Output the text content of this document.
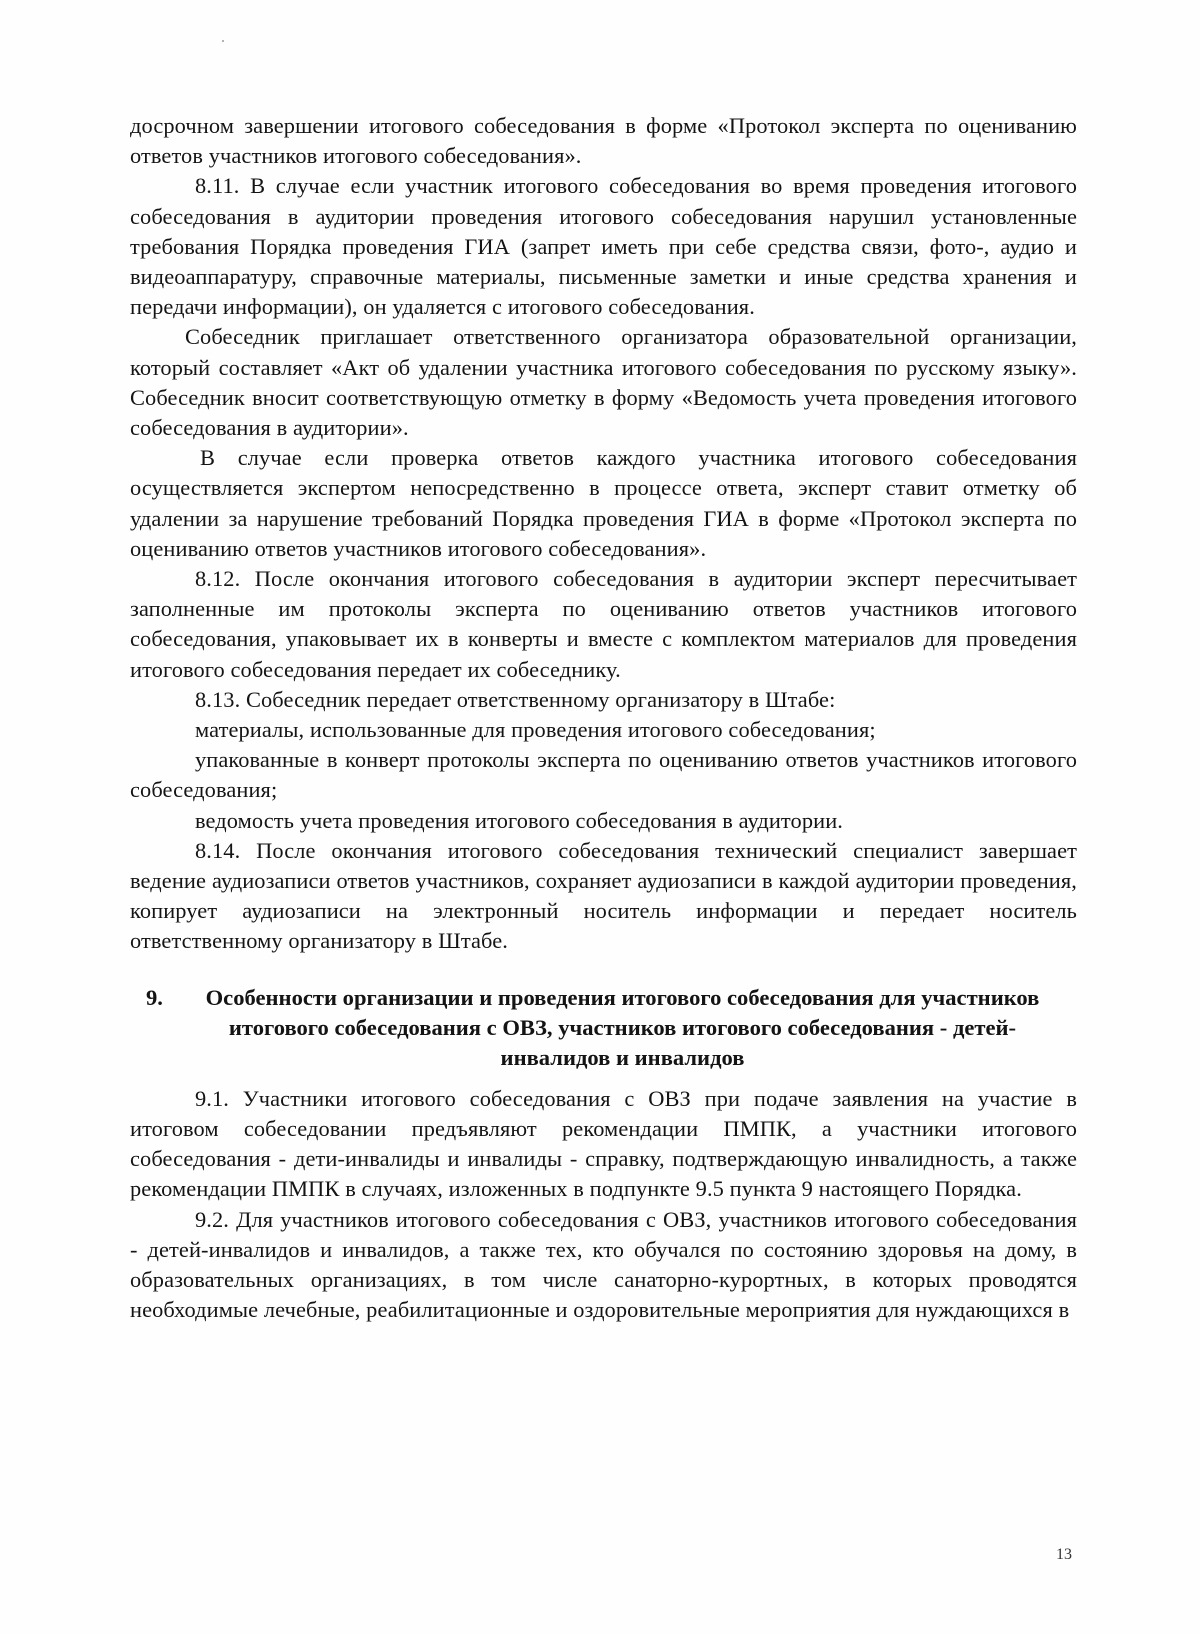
досрочном завершении итогового собеседования в форме «Протокол эксперта по оцениванию ответов участников итогового собеседования».

8.11. В случае если участник итогового собеседования во время проведения итогового собеседования в аудитории проведения итогового собеседования нарушил установленные требования Порядка проведения ГИА (запрет иметь при себе средства связи, фото-, аудио и видеоаппаратуру, справочные материалы, письменные заметки и иные средства хранения и передачи информации), он удаляется с итогового собеседования.

Собеседник приглашает ответственного организатора образовательной организации, который составляет «Акт об удалении участника итогового собеседования по русскому языку». Собеседник вносит соответствующую отметку в форму «Ведомость учета проведения итогового собеседования в аудитории».

В случае если проверка ответов каждого участника итогового собеседования осуществляется экспертом непосредственно в процессе ответа, эксперт ставит отметку об удалении за нарушение требований Порядка проведения ГИА в форме «Протокол эксперта по оцениванию ответов участников итогового собеседования».

8.12. После окончания итогового собеседования в аудитории эксперт пересчитывает заполненные им протоколы эксперта по оцениванию ответов участников итогового собеседования, упаковывает их в конверты и вместе с комплектом материалов для проведения итогового собеседования передает их собеседнику.

8.13. Собеседник передает ответственному организатору в Штабе:

материалы, использованные для проведения итогового собеседования;

упакованные в конверт протоколы эксперта по оцениванию ответов участников итогового собеседования;

ведомость учета проведения итогового собеседования в аудитории.

8.14. После окончания итогового собеседования технический специалист завершает ведение аудиозаписи ответов участников, сохраняет аудиозаписи в каждой аудитории проведения, копирует аудиозаписи на электронный носитель информации и передает носитель ответственному организатору в Штабе.

9. Особенности организации и проведения итогового собеседования для участников итогового собеседования с ОВЗ, участников итогового собеседования - детей-инвалидов и инвалидов

9.1. Участники итогового собеседования с ОВЗ при подаче заявления на участие в итоговом собеседовании предъявляют рекомендации ПМПК, а участники итогового собеседования - дети-инвалиды и инвалиды - справку, подтверждающую инвалидность, а также рекомендации ПМПК в случаях, изложенных в подпункте 9.5 пункта 9 настоящего Порядка.

9.2. Для участников итогового собеседования с ОВЗ, участников итогового собеседования - детей-инвалидов и инвалидов, а также тех, кто обучался по состоянию здоровья на дому, в образовательных организациях, в том числе санаторно-курортных, в которых проводятся необходимые лечебные, реабилитационные и оздоровительные мероприятия для нуждающихся в

13
